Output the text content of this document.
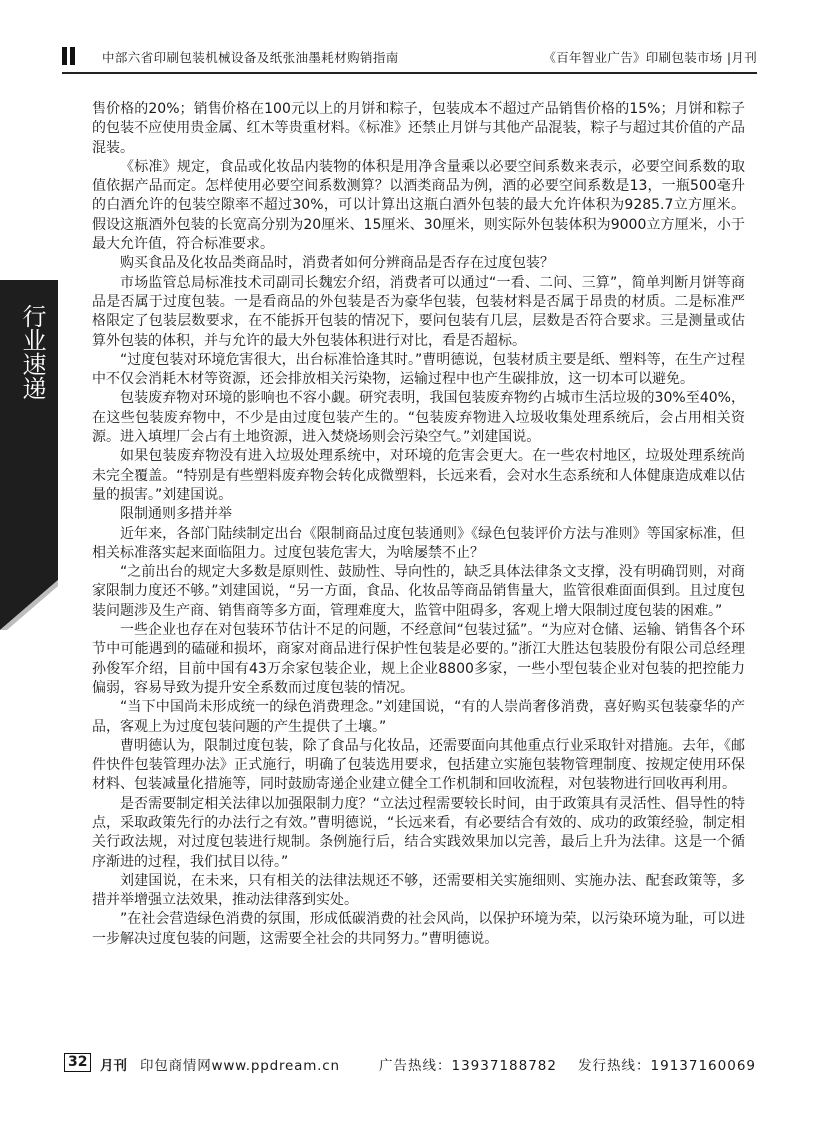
中部六省印刷包装机械设备及纸张油墨耗材购销指南	《百年智业广告》印刷包装市场 |月刊
行业速递

售价格的20%；销售价格在100元以上的月饼和粽子，包装成本不超过产品销售价格的15%；月饼和粽子的包装不应使用贵金属、红木等贵重材料。《标准》还禁止月饼与其他产品混装，粽子与超过其价值的产品混装。

《标准》规定，食品或化妆品内装物的体积是用净含量乘以必要空间系数来表示，必要空间系数的取值依据产品而定。怎样使用必要空间系数测算？以酒类商品为例，酒的必要空间系数是13，一瓶500毫升的白酒允许的包装空隙率不超过30%，可以计算出这瓶白酒外包装的最大允许体积为9285.7立方厘米。假设这瓶酒外包装的长宽高分别为20厘米、15厘米、30厘米，则实际外包装体积为9000立方厘米，小于最大允许值，符合标准要求。

购买食品及化妆品类商品时，消费者如何分辨商品是否存在过度包装？

市场监管总局标准技术司副司长魏宏介绍，消费者可以通过“一看、二问、三算”，简单判断月饼等商品是否属于过度包装。一是看商品的外包装是否为豪华包装，包装材料是否属于昂贵的材质。二是标准严格限定了包装层数要求，在不能拆开包装的情况下，要问包装有几层，层数是否符合要求。三是测量或估算外包装的体积，并与允许的最大外包装体积进行对比，看是否超标。

“过度包装对环境危害很大，出台标准恰逢其时。”曹明德说，包装材质主要是纸、塑料等，在生产过程中不仅会消耗木材等资源，还会排放相关污染物，运输过程中也产生碳排放，这一切本可以避免。

包装废弃物对环境的影响也不容小觑。研究表明，我国包装废弃物约占城市生活垃圾的30%至40%，在这些包装废弃物中，不少是由过度包装产生的。“包装废弃物进入垃圾收集处理系统后，会占用相关资源。进入填埋厂会占有土地资源，进入焚烧场则会污染空气。”刘建国说。

如果包装废弃物没有进入垃圾处理系统中，对环境的危害会更大。在一些农村地区，垃圾处理系统尚未完全覆盖。“特别是有些塑料废弃物会转化成微塑料，长远来看，会对水生态系统和人体健康造成难以估量的损害。”刘建国说。

限制通则多措并举

近年来，各部门陆续制定出台《限制商品过度包装通则》《绿色包装评价方法与准则》等国家标准，但相关标准落实起来面临阻力。过度包装危害大，为啥屡禁不止？

“之前出台的规定大多数是原则性、鼓励性、导向性的，缺乏具体法律条文支撑，没有明确罚则，对商家限制力度还不够。”刘建国说，“另一方面，食品、化妆品等商品销售量大，监管很难面面俱到。且过度包装问题涉及生产商、销售商等多方面，管理难度大，监管中阻碍多，客观上增大限制过度包装的困难。”

一些企业也存在对包装环节估计不足的问题，不经意间“包装过猛”。“为应对仓储、运输、销售各个环节中可能遇到的磕碰和损坏，商家对商品进行保护性包装是必要的。”浙江大胜达包装股份有限公司总经理孙俊军介绍，目前中国有43万余家包装企业，规上企业8800多家，一些小型包装企业对包装的把控能力偏弱，容易导致为提升安全系数而过度包装的情况。

“当下中国尚未形成统一的绿色消费理念。”刘建国说，“有的人崇尚奢侈消费，喜好购买包装豪华的产品，客观上为过度包装问题的产生提供了土壤。”

曹明德认为，限制过度包装，除了食品与化妆品，还需要面向其他重点行业采取针对措施。去年，《邮件快件包装管理办法》正式施行，明确了包装选用要求，包括建立实施包装物管理制度、按规定使用环保材料、包装减量化措施等，同时鼓励寄递企业建立健全工作机制和回收流程，对包装物进行回收再利用。

是否需要制定相关法律以加强限制力度？“立法过程需要较长时间，由于政策具有灵活性、倡导性的特点，采取政策先行的办法行之有效。”曹明德说，“长远来看，有必要结合有效的、成功的政策经验，制定相关行政法规，对过度包装进行规制。条例施行后，结合实践效果加以完善，最后上升为法律。这是一个循序渐进的过程，我们拭目以待。”

刘建国说，在未来，只有相关的法律法规还不够，还需要相关实施细则、实施办法、配套政策等，多措并举增强立法效果，推动法律落到实处。

”在社会营造绿色消费的氛围，形成低碳消费的社会风尚，以保护环境为荣，以污染环境为耻，可以进一步解决过度包装的问题，这需要全社会的共同努力。”曹明德说。

32 月刊 印包商情网www.ppdream.cn	广告热线：13937188782 发行热线：19137160069
